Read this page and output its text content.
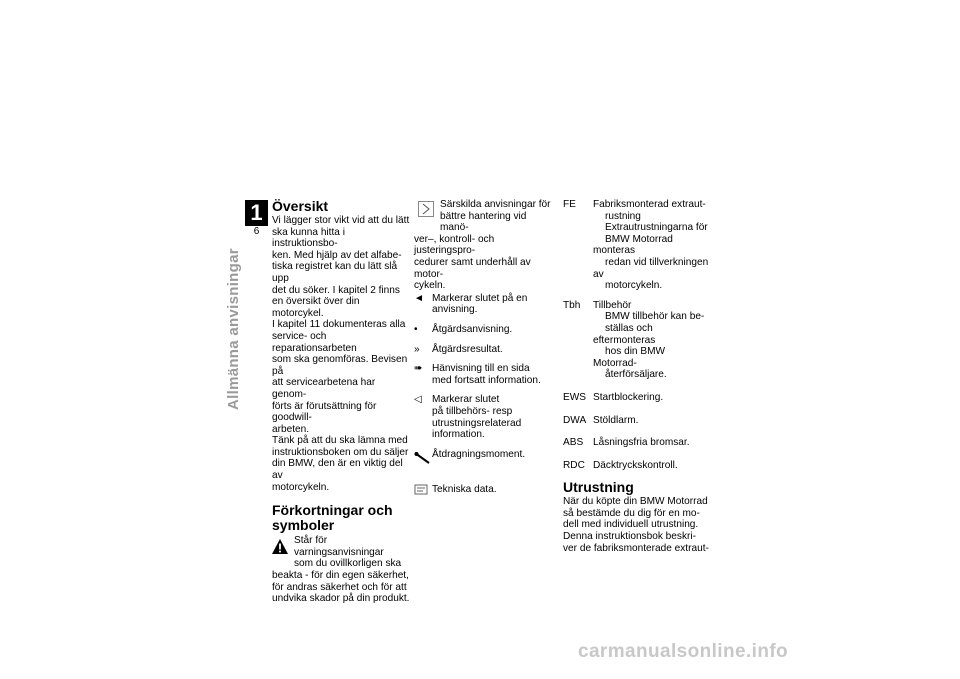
1
6
Allmänna anvisningar
Översikt

Vi lägger stor vikt vid att du lätt
ska kunna hitta i instruktionsbo-
ken. Med hjälp av det alfabe-
tiska registret kan du lätt slå upp
det du söker. I kapitel 2 finns
en översikt över din motorcykel.
I kapitel 11 dokumenteras alla
service- och reparationsarbeten
som ska genomföras. Bevisen på
att servicearbetena har genom-
förts är förutsättning för goodwill-
arbeten.
Tänk på att du ska lämna med
instruktionsboken om du säljer
din BMW, den är en viktig del av
motorcykeln.

Förkortningar och
symboler

Står för varningsanvisningar
som du ovillkorligen ska

beakta - för din egen säkerhet,
för andras säkerhet och för att
undvika skador på din produkt.

Särskilda anvisningar för
bättre hantering vid manö-

ver–, kontroll- och justeringspro-
cedurer samt underhåll av motor-
cykeln.

◄ Markerar slutet på en
anvisning.
•	Åtgärdsanvisning.
»	Åtgärdsresultat.
➠ Hänvisning till en sida
med fortsatt information.
◁	Markerar slutet
på tillbehörs- resp
utrustningsrelaterad
information.
Åtdragningsmoment.
Tekniska data.
FE	Fabriksmonterad extraut-
rustning
Extrautrustningarna för
BMW Motorrad monteras
redan vid tillverkningen av
motorcykeln.
Tbh	Tillbehör
BMW tillbehör kan be-
ställas och eftermonteras
hos din BMW Motorrad-
återförsäljare.
EWS Startblockering.
DWA Stöldlarm.
ABS Låsningsfria bromsar.
RDC Däcktryckskontroll.
Utrustning

När du köpte din BMW Motorrad
så bestämde du dig för en mo-
dell med individuell utrustning.
Denna instruktionsbok beskri-
ver de fabriksmonterade extraut-

carmanualsonline.info
